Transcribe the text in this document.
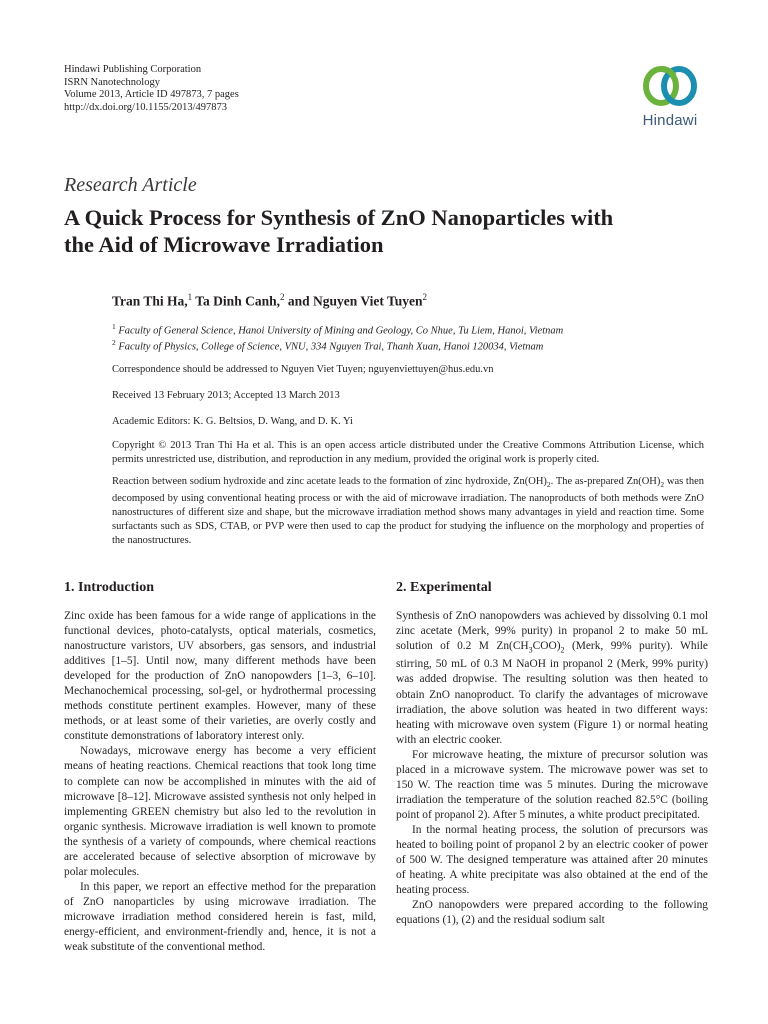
Hindawi Publishing Corporation
ISRN Nanotechnology
Volume 2013, Article ID 497873, 7 pages
http://dx.doi.org/10.1155/2013/497873
Hindawi
Research Article
A Quick Process for Synthesis of ZnO Nanoparticles with
the Aid of Microwave Irradiation
Tran Thi Ha,$^1$ Ta Dinh Canh,$^2$ and Nguyen Viet Tuyen$^2$
$^1$ Faculty of General Science, Hanoi University of Mining and Geology, Co Nhue, Tu Liem, Hanoi, Vietnam
$^2$ Faculty of Physics, College of Science, VNU, 334 Nguyen Trai, Thanh Xuan, Hanoi 120034, Vietnam
Correspondence should be addressed to Nguyen Viet Tuyen; nguyenviettuyen@hus.edu.vn
Received 13 February 2013; Accepted 13 March 2013
Academic Editors: K. G. Beltsios, D. Wang, and D. K. Yi
Copyright © 2013 Tran Thi Ha et al. This is an open access article distributed under the Creative Commons Attribution License, which permits unrestricted use, distribution, and reproduction in any medium, provided the original work is properly cited.
Reaction between sodium hydroxide and zinc acetate leads to the formation of zinc hydroxide, $Zn(OH)_2$. The as-prepared $Zn(OH)_2$ was then decomposed by using conventional heating process or with the aid of microwave irradiation. The nanoproducts of both methods were ZnO nanostructures of different size and shape, but the microwave irradiation method shows many advantages in yield and reaction time. Some surfactants such as SDS, CTAB, or PVP were then used to cap the product for studying the influence on the morphology and properties of the nanostructures.
1. Introduction

Zinc oxide has been famous for a wide range of applications in the functional devices, photo-catalysts, optical materials, cosmetics, nanostructure varistors, UV absorbers, gas sensors, and industrial additives [1–5]. Until now, many different methods have been developed for the production of ZnO nanopowders [1–3, 6–10]. Mechanochemical processing, sol-gel, or hydrothermal processing methods constitute pertinent examples. However, many of these methods, or at least some of their varieties, are overly costly and constitute demonstrations of laboratory interest only.

Nowadays, microwave energy has become a very efficient means of heating reactions. Chemical reactions that took long time to complete can now be accomplished in minutes with the aid of microwave [8–12]. Microwave assisted synthesis not only helped in implementing GREEN chemistry but also led to the revolution in organic synthesis. Microwave irradiation is well known to promote the synthesis of a variety of compounds, where chemical reactions are accelerated because of selective absorption of microwave by polar molecules.

In this paper, we report an effective method for the preparation of ZnO nanoparticles by using microwave irradiation. The microwave irradiation method considered herein is fast, mild, energy-efficient, and environment-friendly and, hence, it is not a weak substitute of the conventional method.

2. Experimental

Synthesis of ZnO nanopowders was achieved by dissolving 0.1 mol zinc acetate (Merk, 99% purity) in propanol 2 to make 50 mL solution of 0.2 M $Zn(CH_3COO)_2$ (Merk, 99% purity). While stirring, 50 mL of 0.3 M NaOH in propanol 2 (Merk, 99% purity) was added dropwise. The resulting solution was then heated to obtain ZnO nanoproduct. To clarify the advantages of microwave irradiation, the above solution was heated in two different ways: heating with microwave oven system (Figure 1) or normal heating with an electric cooker.

For microwave heating, the mixture of precursor solution was placed in a microwave system. The microwave power was set to 150 W. The reaction time was 5 minutes. During the microwave irradiation the temperature of the solution reached 82.5°C (boiling point of propanol 2). After 5 minutes, a white product precipitated.

In the normal heating process, the solution of precursors was heated to boiling point of propanol 2 by an electric cooker of power of 500 W. The designed temperature was attained after 20 minutes of heating. A white precipitate was also obtained at the end of the heating process.

ZnO nanopowders were prepared according to the following equations (1), (2) and the residual sodium salt
